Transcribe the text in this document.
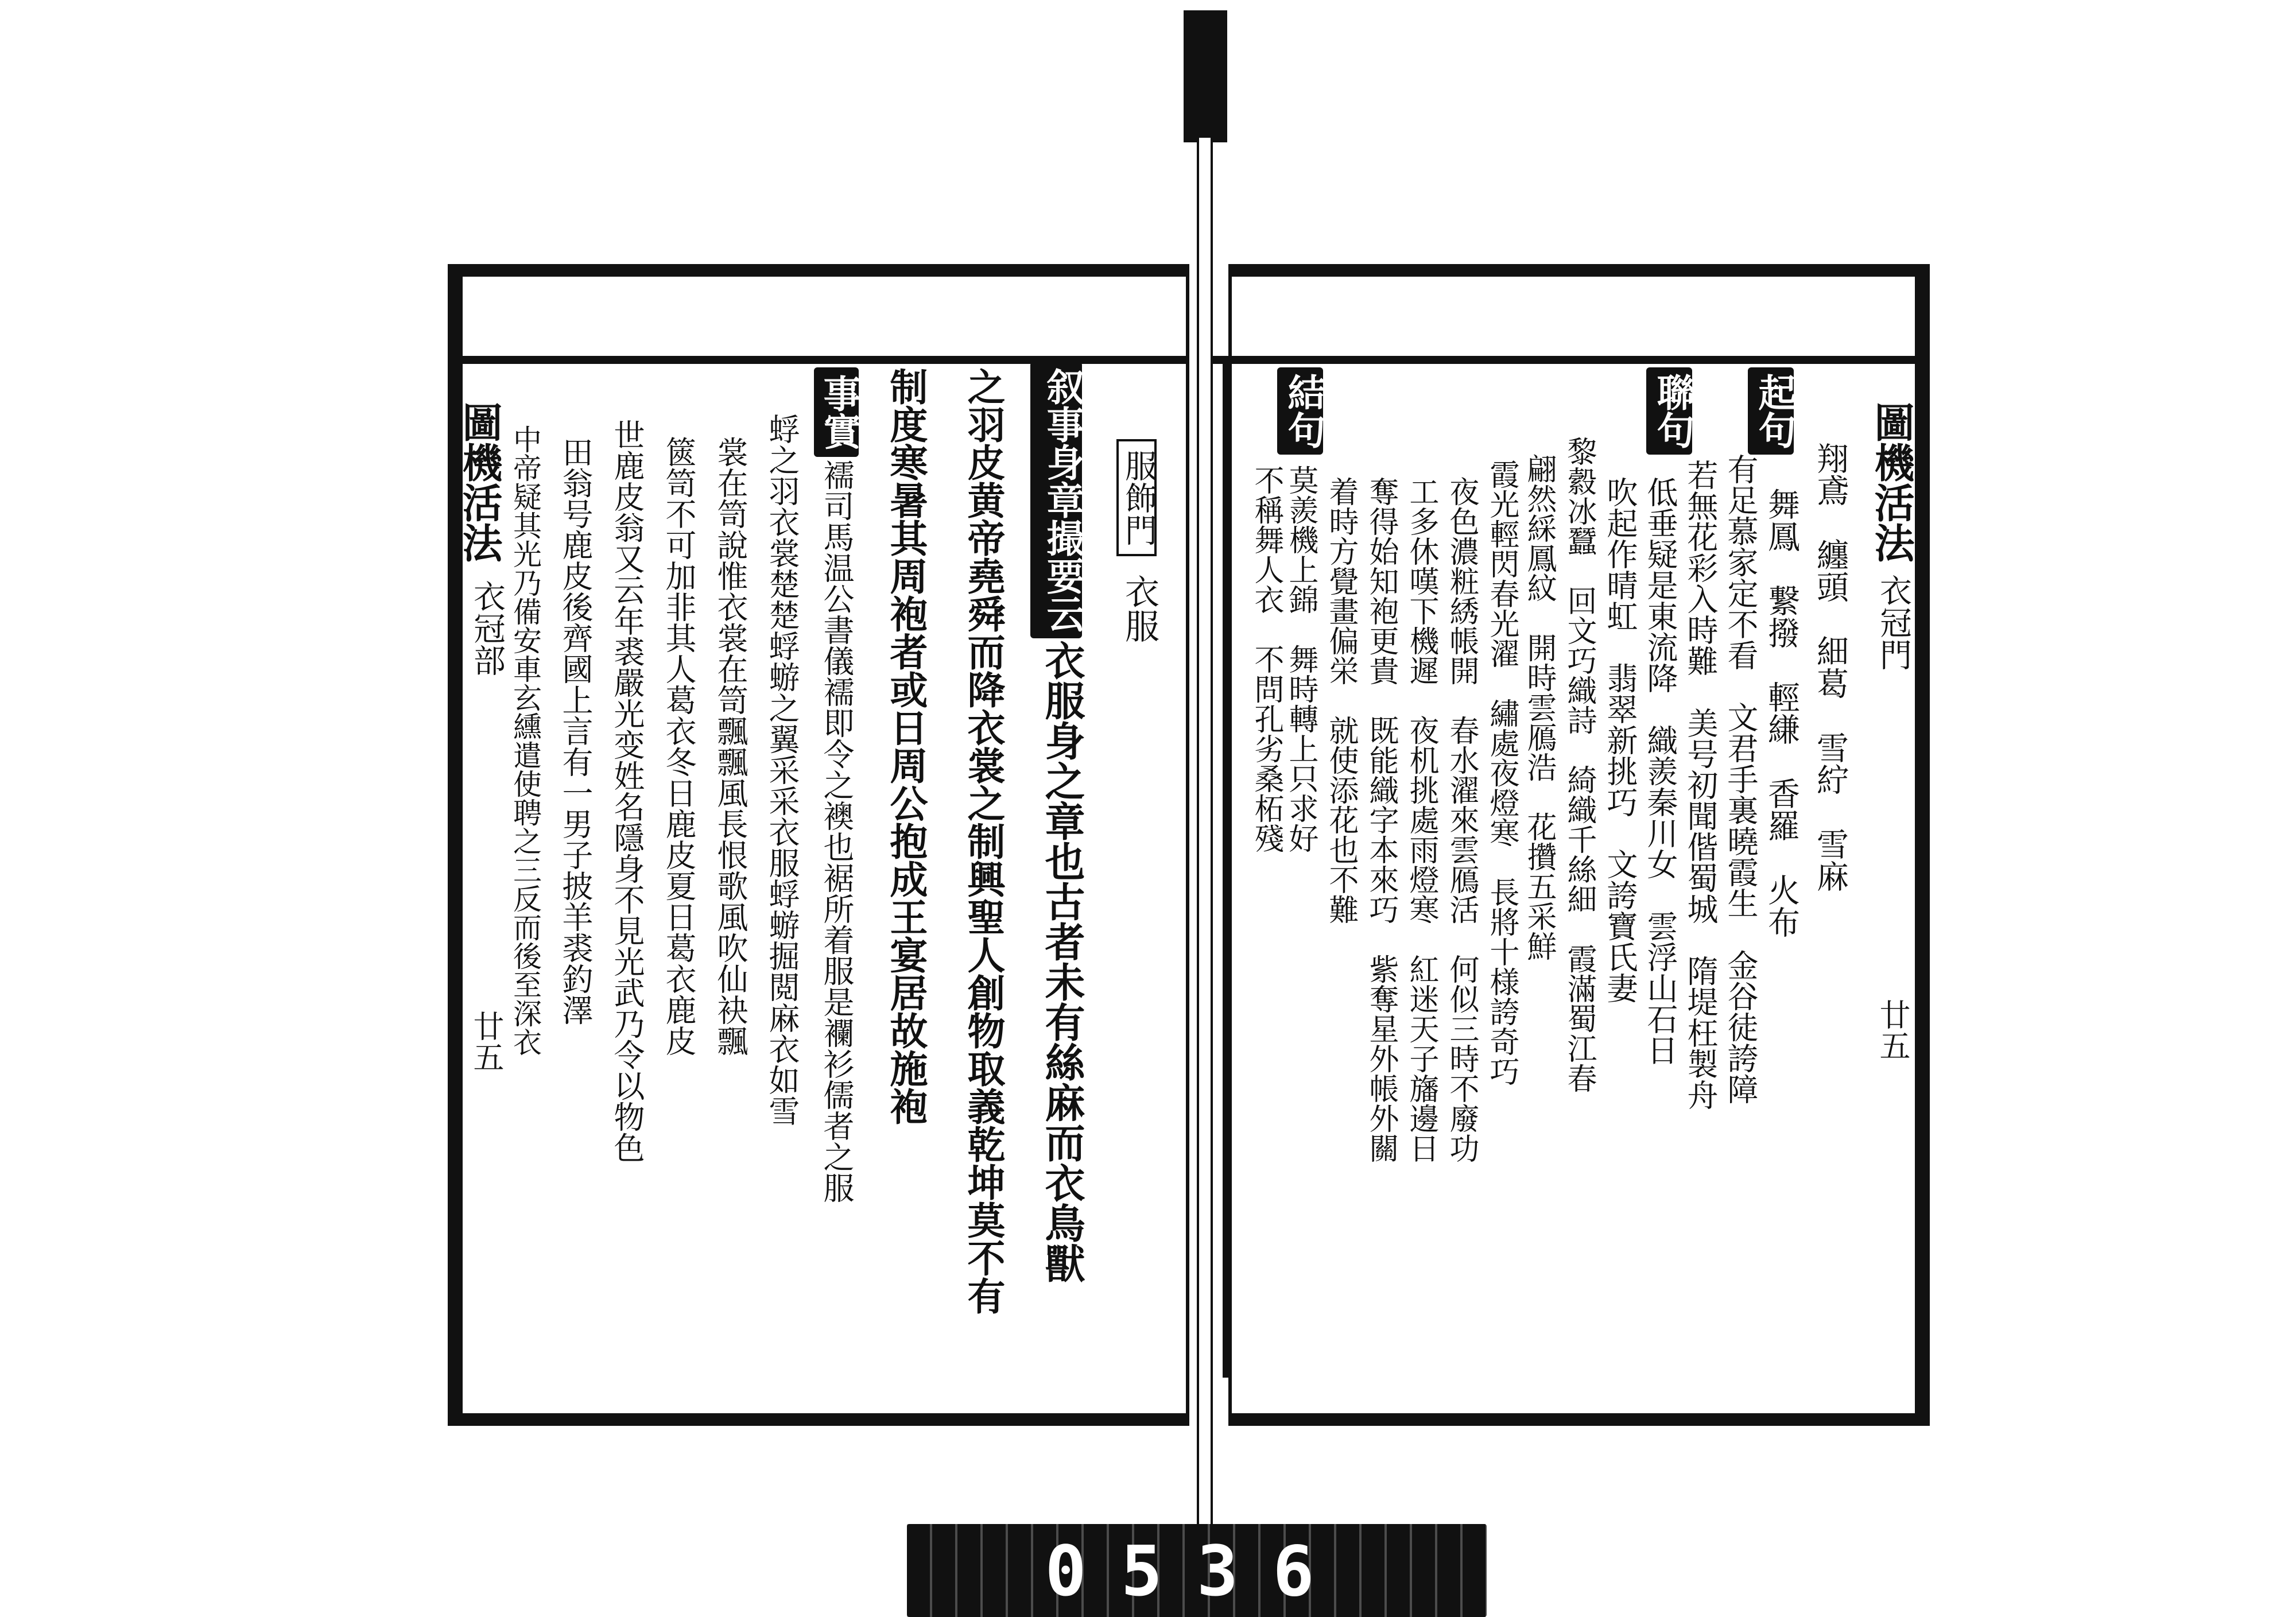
圖機活法
衣冠部
廿五
服飾門
衣服
叙事身章撮要云
衣服身之章也古者未有絲麻而衣鳥獸
之羽皮黄帝堯舜而降衣裳之制興聖人創物取義乾坤莫不有
制度寒暑其周袍者或日周公抱成王宴居故施袍
事實
襦司馬温公書儀襦即令之襖也裾所着服是襴衫儒者之服
蜉之羽衣裳楚楚蜉蝣之翼采采衣服蜉蝣掘閲麻衣如雪
裳在笥說惟衣裳在笥飄飄風長恨歌風吹仙袂飄
篋笥不可加非其人葛衣冬日鹿皮夏日葛衣鹿皮
世鹿皮翁又云年裘嚴光变姓名隱身不見光武乃令以物色
田翁号鹿皮後齊國上言有一男子披羊裘釣澤
中帝疑其光乃備安車玄纁遣使聘之三反而後至深衣	圖機活法
衣冠門
廿五
起句
聯句
結句
翔鳶　纏頭　細葛　雪紵　雪麻
舞鳳　繋撥　輕縑　香羅　火布
有足慕家定不看　文君手裏曉霞生　金谷徒誇障
若無花彩入時難　美号初聞偕蜀城　隋堤枉製舟
低垂疑是東流降　織羨秦川女　雲浮山石日
吹起作晴虹　翡翠新挑巧　文誇寶氏妻
黎縠冰蠶　回文巧織詩　綺織千絲細　霞滿蜀江春
翩然綵鳳紋　開時雲鴈浩　花攢五采鮮
霞光輕閃春光濯　繡處夜燈寒　長將十様誇奇巧
夜色濃粧綉帳開　春水濯來雲鴈活　何似三時不廢功
工多休嘆下機遲　夜机挑處雨燈寒　紅迷天子旛邊日
奪得始知袍更貴　既能織字本來巧　紫奪星外帳外關
着時方覺畫偏栄　就使添花也不難
莫羨機上錦　舞時轉上只求好
不稱舞人衣　不問孔劣桑柘殘
0536
